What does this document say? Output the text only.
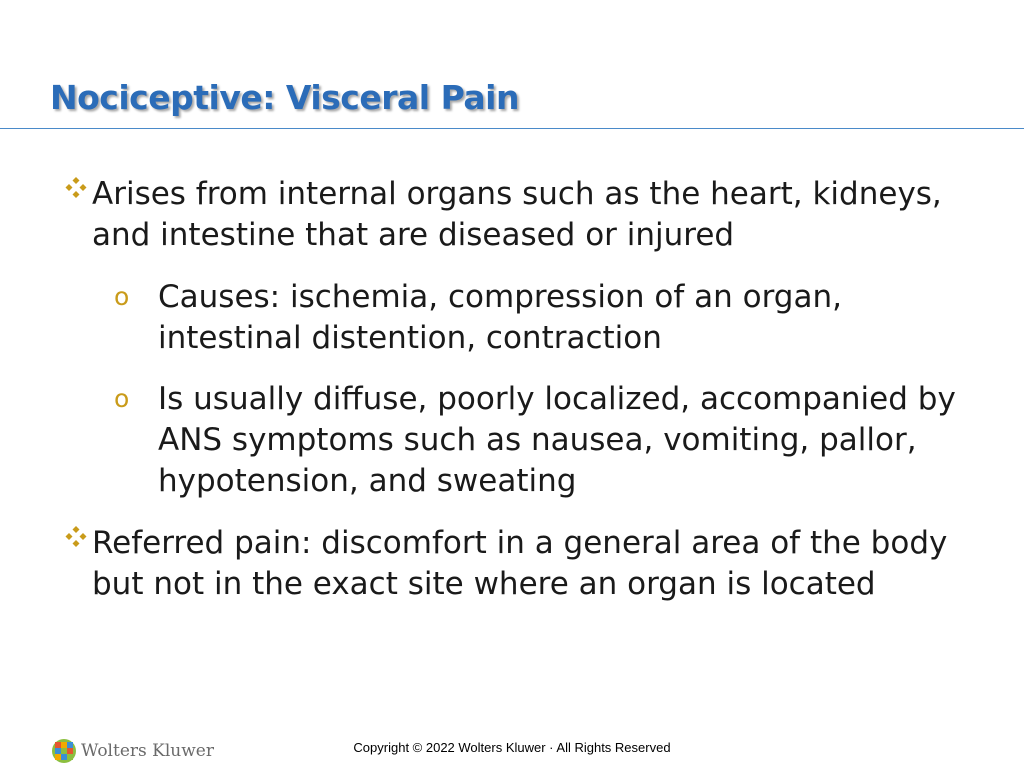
Nociceptive: Visceral Pain
Arises from internal organs such as the heart, kidneys,
and intestine that are diseased or injured
o Causes: ischemia, compression of an organ,
intestinal distention, contraction
o Is usually diffuse, poorly localized, accompanied by
ANS symptoms such as nausea, vomiting, pallor,
hypotension, and sweating
Referred pain: discomfort in a general area of the body
but not in the exact site where an organ is located
Wolters Kluwer	Copyright © 2022 Wolters Kluwer · All Rights Reserved
